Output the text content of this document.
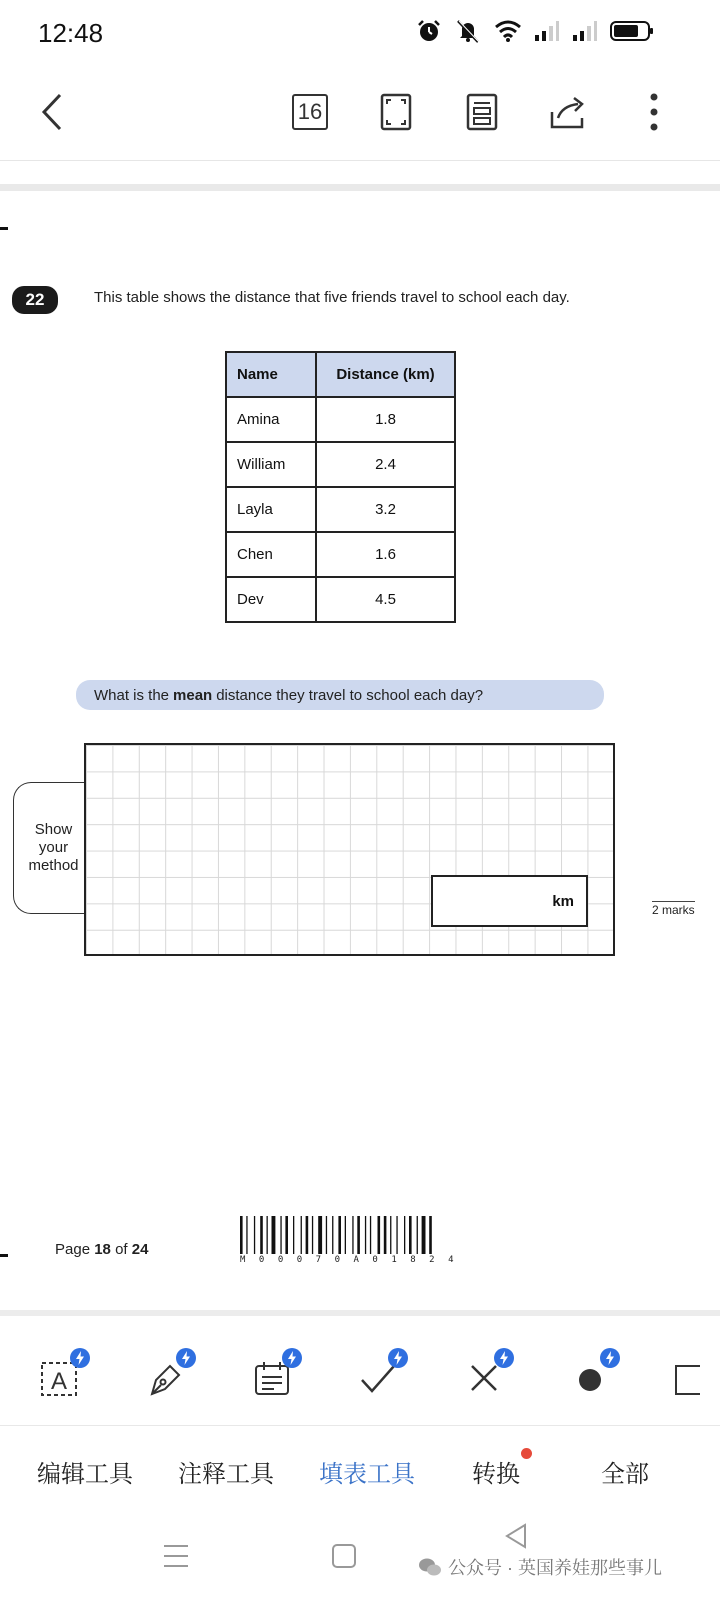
12:48
16
22	This table shows the distance that five friends travel to school each day.
Name	Distance (km)
Amina	1.8
William	2.4
Layla	3.2
Chen	1.6
Dev	4.5
What is the mean distance they travel to school each day?
Show
your
method
km	2 marks
Page 18 of 24
M00070A01824
A
编辑工具 注释工具 填表工具 转换	全部
公众号 · 英国养娃那些事儿
